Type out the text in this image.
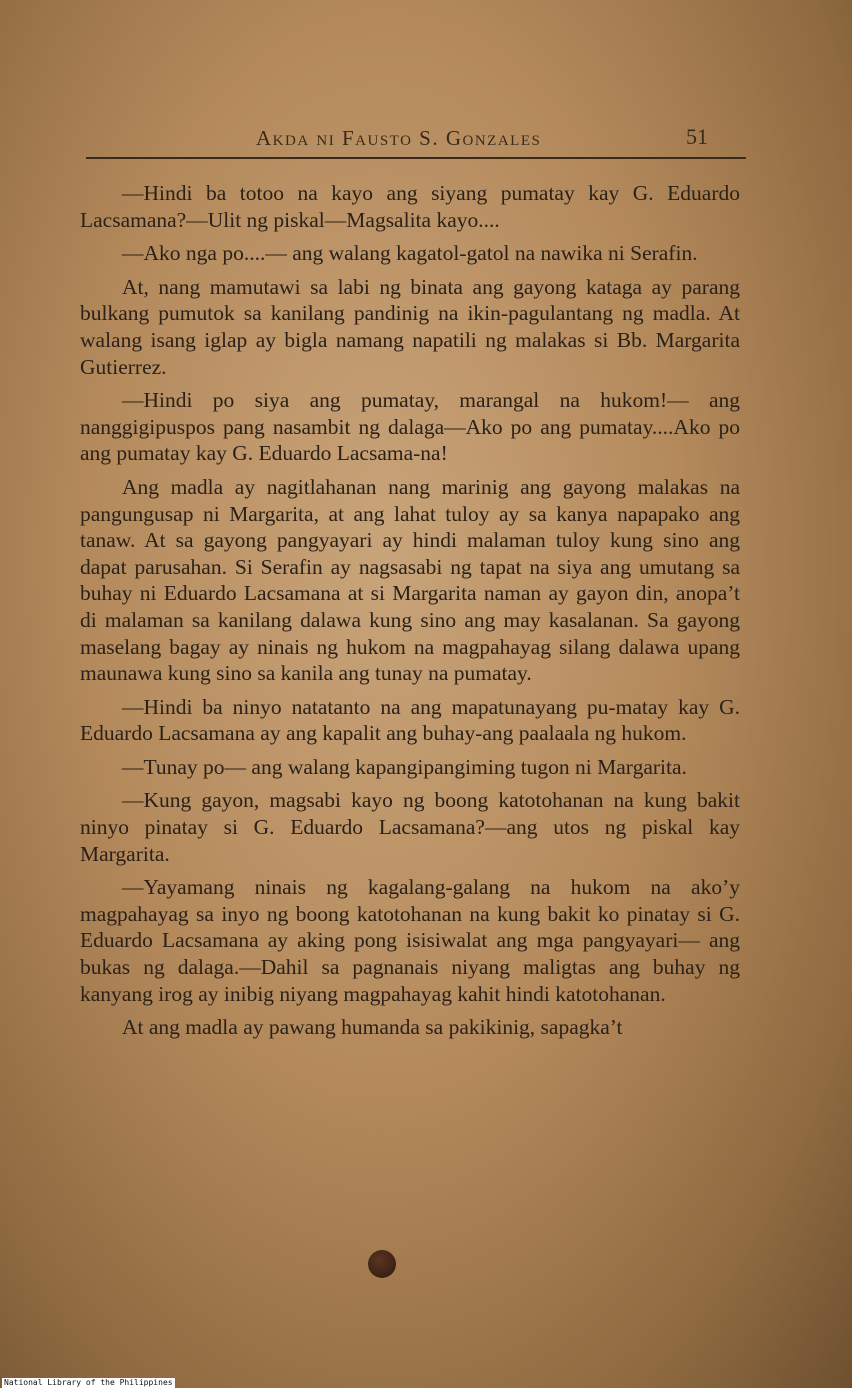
Akda ni Fausto S. Gonzales	51

—Hindi ba totoo na kayo ang siyang pumatay kay G. Eduardo Lacsamana?—Ulit ng piskal—Magsalita kayo....

—Ako nga po....— ang walang kagatol-gatol na nawika ni Serafin.

At, nang mamutawi sa labi ng binata ang gayong kataga ay parang bulkang pumutok sa kanilang pandinig na ikin-pagulantang ng madla. At walang isang iglap ay bigla namang napatili ng malakas si Bb. Margarita Gutierrez.

—Hindi po siya ang pumatay, marangal na hukom!— ang nanggigipuspos pang nasambit ng dalaga—Ako po ang pumatay....Ako po ang pumatay kay G. Eduardo Lacsama-na!

Ang madla ay nagitlahanan nang marinig ang gayong malakas na pangungusap ni Margarita, at ang lahat tuloy ay sa kanya napapako ang tanaw. At sa gayong pangyayari ay hindi malaman tuloy kung sino ang dapat parusahan. Si Serafin ay nagsasabi ng tapat na siya ang umutang sa buhay ni Eduardo Lacsamana at si Margarita naman ay gayon din, anopa’t di malaman sa kanilang dalawa kung sino ang may kasalanan. Sa gayong maselang bagay ay ninais ng hukom na magpahayag silang dalawa upang maunawa kung sino sa kanila ang tunay na pumatay.

—Hindi ba ninyo natatanto na ang mapatunayang pu-matay kay G. Eduardo Lacsamana ay ang kapalit ang buhay-ang paalaala ng hukom.

—Tunay po— ang walang kapangipangiming tugon ni Margarita.

—Kung gayon, magsabi kayo ng boong katotohanan na kung bakit ninyo pinatay si G. Eduardo Lacsamana?—ang utos ng piskal kay Margarita.

—Yayamang ninais ng kagalang-galang na hukom na ako’y magpahayag sa inyo ng boong katotohanan na kung bakit ko pinatay si G. Eduardo Lacsamana ay aking pong isisiwalat ang mga pangyayari— ang bukas ng dalaga.—Dahil sa pagnanais niyang maligtas ang buhay ng kanyang irog ay inibig niyang magpahayag kahit hindi katotohanan.

At ang madla ay pawang humanda sa pakikinig, sapagka’t

National Library of the Philippines
